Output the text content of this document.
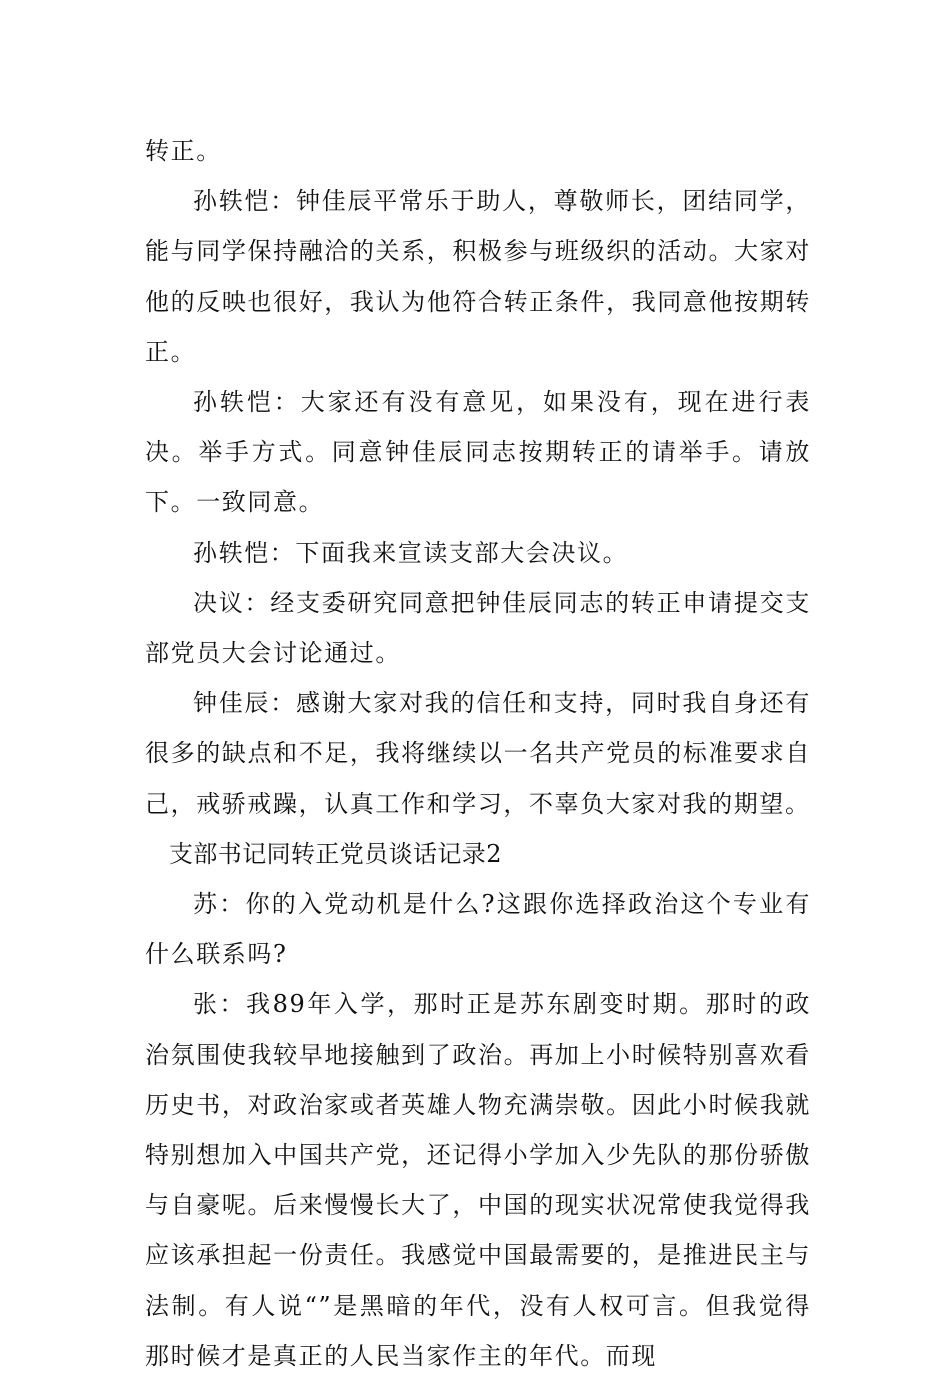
转正。

孙轶恺：钟佳辰平常乐于助人，尊敬师长，团结同学，能与同学保持融洽的关系，积极参与班级织的活动。大家对他的反映也很好，我认为他符合转正条件，我同意他按期转正。

孙轶恺：大家还有没有意见，如果没有，现在进行表决。举手方式。同意钟佳辰同志按期转正的请举手。请放下。一致同意。

孙轶恺：下面我来宣读支部大会决议。

决议：经支委研究同意把钟佳辰同志的转正申请提交支部党员大会讨论通过。

钟佳辰：感谢大家对我的信任和支持，同时我自身还有很多的缺点和不足，我将继续以一名共产党员的标准要求自己，戒骄戒躁，认真工作和学习，不辜负大家对我的期望。

支部书记同转正党员谈话记录2

苏：你的入党动机是什么?这跟你选择政治这个专业有什么联系吗?

张：我89年入学，那时正是苏东剧变时期。那时的政治氛围使我较早地接触到了政治。再加上小时候特别喜欢看历史书，对政治家或者英雄人物充满崇敬。因此小时候我就特别想加入中国共产党，还记得小学加入少先队的那份骄傲与自豪呢。后来慢慢长大了，中国的现实状况常使我觉得我应该承担起一份责任。我感觉中国最需要的，是推进民主与法制。有人说“”是黑暗的年代，没有人权可言。但我觉得那时候才是真正的人民当家作主的年代。而现
